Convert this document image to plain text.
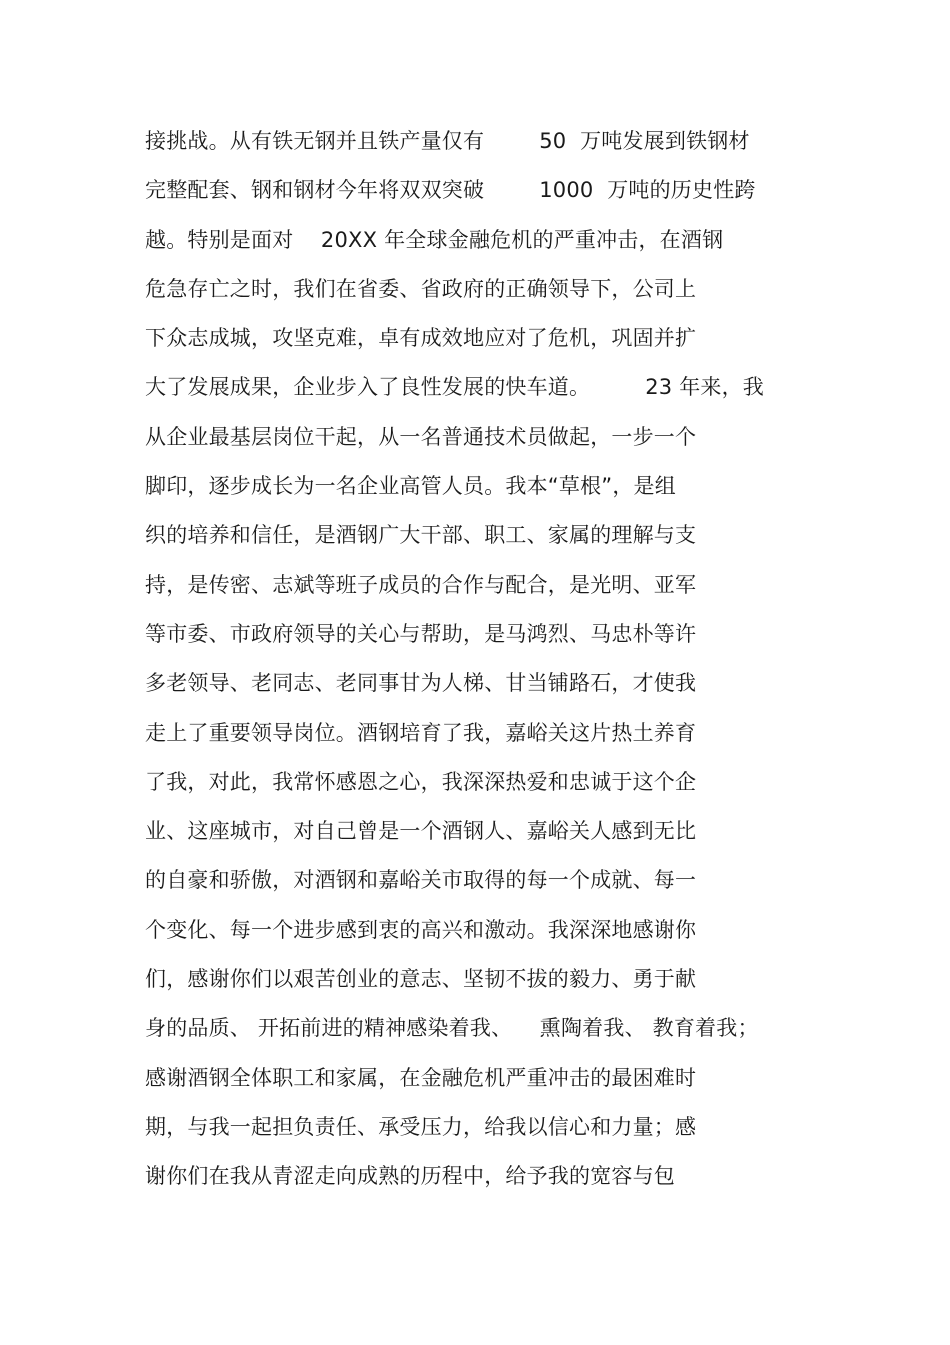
接挑战。从有铁无钢并且铁产量仅有        50  万吨发展到铁钢材
完整配套、钢和钢材今年将双双突破        1000  万吨的历史性跨
越。特别是面对    20XX 年全球金融危机的严重冲击，在酒钢
危急存亡之时，我们在省委、省政府的正确领导下，公司上
下众志成城，攻坚克难，卓有成效地应对了危机，巩固并扩
大了发展成果，企业步入了良性发展的快车道。        23 年来，我
从企业最基层岗位干起，从一名普通技术员做起，一步一个
脚印，逐步成长为一名企业高管人员。我本“草根”，是组
织的培养和信任，是酒钢广大干部、职工、家属的理解与支
持，是传密、志斌等班子成员的合作与配合，是光明、亚军
等市委、市政府领导的关心与帮助，是马鸿烈、马忠朴等许
多老领导、老同志、老同事甘为人梯、甘当铺路石，才使我
走上了重要领导岗位。酒钢培育了我，嘉峪关这片热土养育
了我，对此，我常怀感恩之心，我深深热爱和忠诚于这个企
业、这座城市，对自己曾是一个酒钢人、嘉峪关人感到无比
的自豪和骄傲，对酒钢和嘉峪关市取得的每一个成就、每一
个变化、每一个进步感到衷的高兴和激动。我深深地感谢你
们，感谢你们以艰苦创业的意志、坚韧不拔的毅力、勇于献
身的品质、 开拓前进的精神感染着我、    熏陶着我、 教育着我；
感谢酒钢全体职工和家属，在金融危机严重冲击的最困难时
期，与我一起担负责任、承受压力，给我以信心和力量；感
谢你们在我从青涩走向成熟的历程中，给予我的宽容与包
